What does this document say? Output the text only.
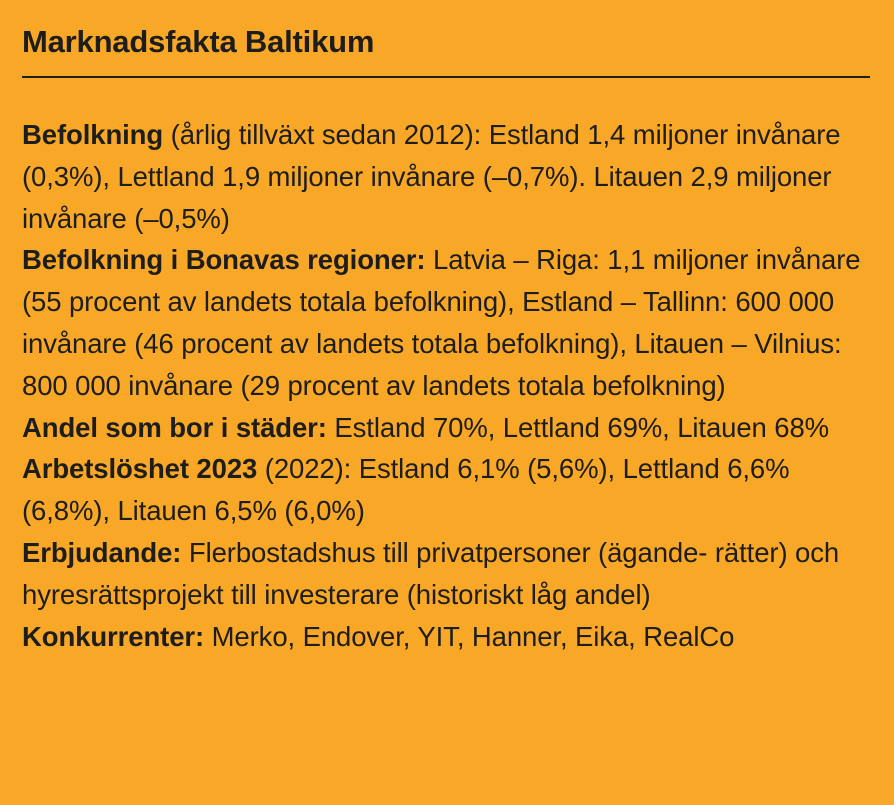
Marknadsfakta Baltikum

Befolkning (årlig tillväxt sedan 2012): Estland 1,4 miljoner invånare (0,3%), Lettland 1,9 miljoner invånare (–0,7%). Litauen 2,9 miljoner invånare (–0,5%)

Befolkning i Bonavas regioner: Latvia – Riga: 1,1 miljoner invånare (55 procent av landets totala befolkning), Estland – Tallinn: 600 000 invånare (46 procent av landets totala befolkning), Litauen – Vilnius: 800 000 invånare (29 procent av landets totala befolkning)

Andel som bor i städer: Estland 70%, Lettland 69%, Litauen 68%

Arbetslöshet 2023 (2022): Estland 6,1% (5,6%), Lettland 6,6% (6,8%), Litauen 6,5% (6,0%)

Erbjudande: Flerbostadshus till privatpersoner (ägande- rätter) och hyresrättsprojekt till investerare (historiskt låg andel)

Konkurrenter: Merko, Endover, YIT, Hanner, Eika, RealCo
